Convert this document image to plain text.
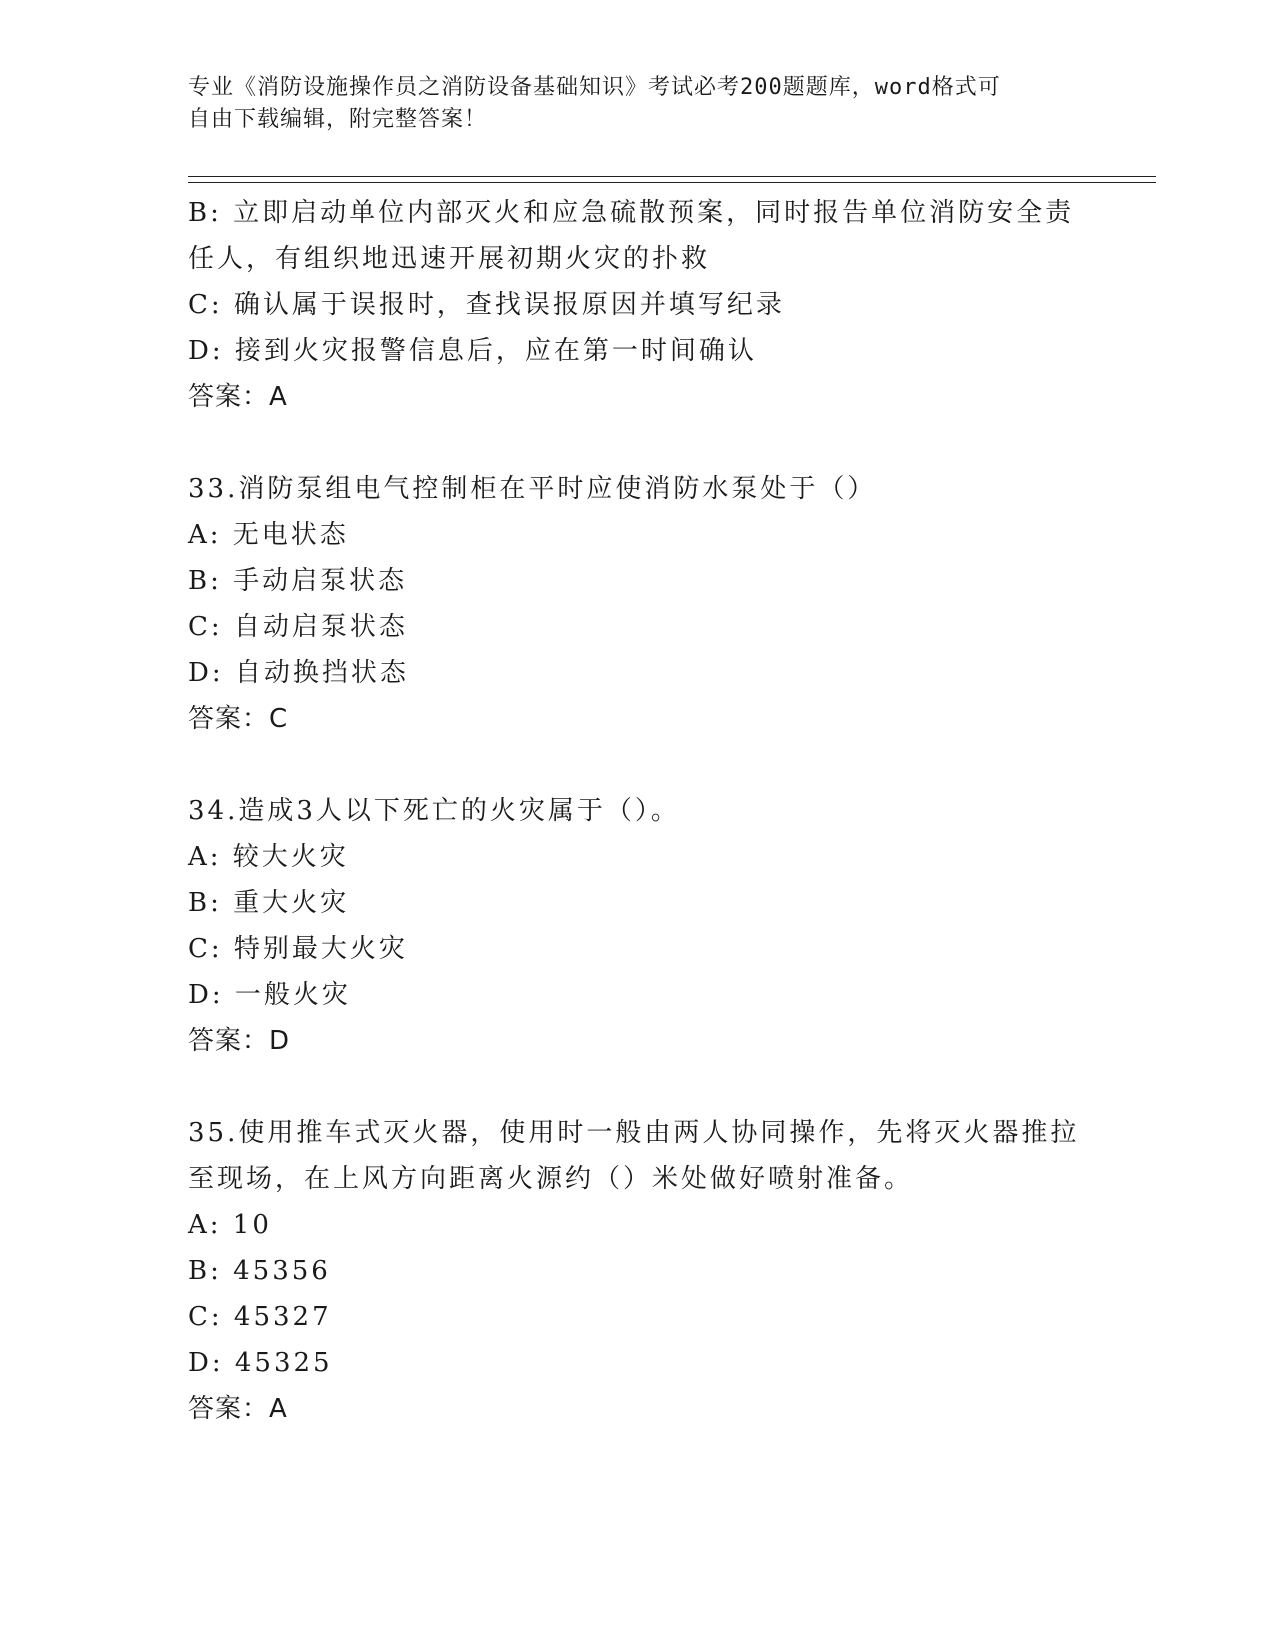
专业《消防设施操作员之消防设备基础知识》考试必考200题题库，word格式可
自由下载编辑，附完整答案！
B: 立即启动单位内部灭火和应急硫散预案，同时报告单位消防安全责
任人，有组织地迅速开展初期火灾的扑救
C: 确认属于误报时，查找误报原因并填写纪录
D: 接到火灾报警信息后，应在第一时间确认
答案：A
33.消防泵组电气控制柜在平时应使消防水泵处于（）
A: 无电状态
B: 手动启泵状态
C: 自动启泵状态
D: 自动换挡状态
答案：C
34.造成3人以下死亡的火灾属于（）。
A: 较大火灾
B: 重大火灾
C: 特别最大火灾
D: 一般火灾
答案：D
35.使用推车式灭火器，使用时一般由两人协同操作，先将灭火器推拉
至现场，在上风方向距离火源约（）米处做好喷射准备。
A: 10
B: 45356
C: 45327
D: 45325
答案：A
